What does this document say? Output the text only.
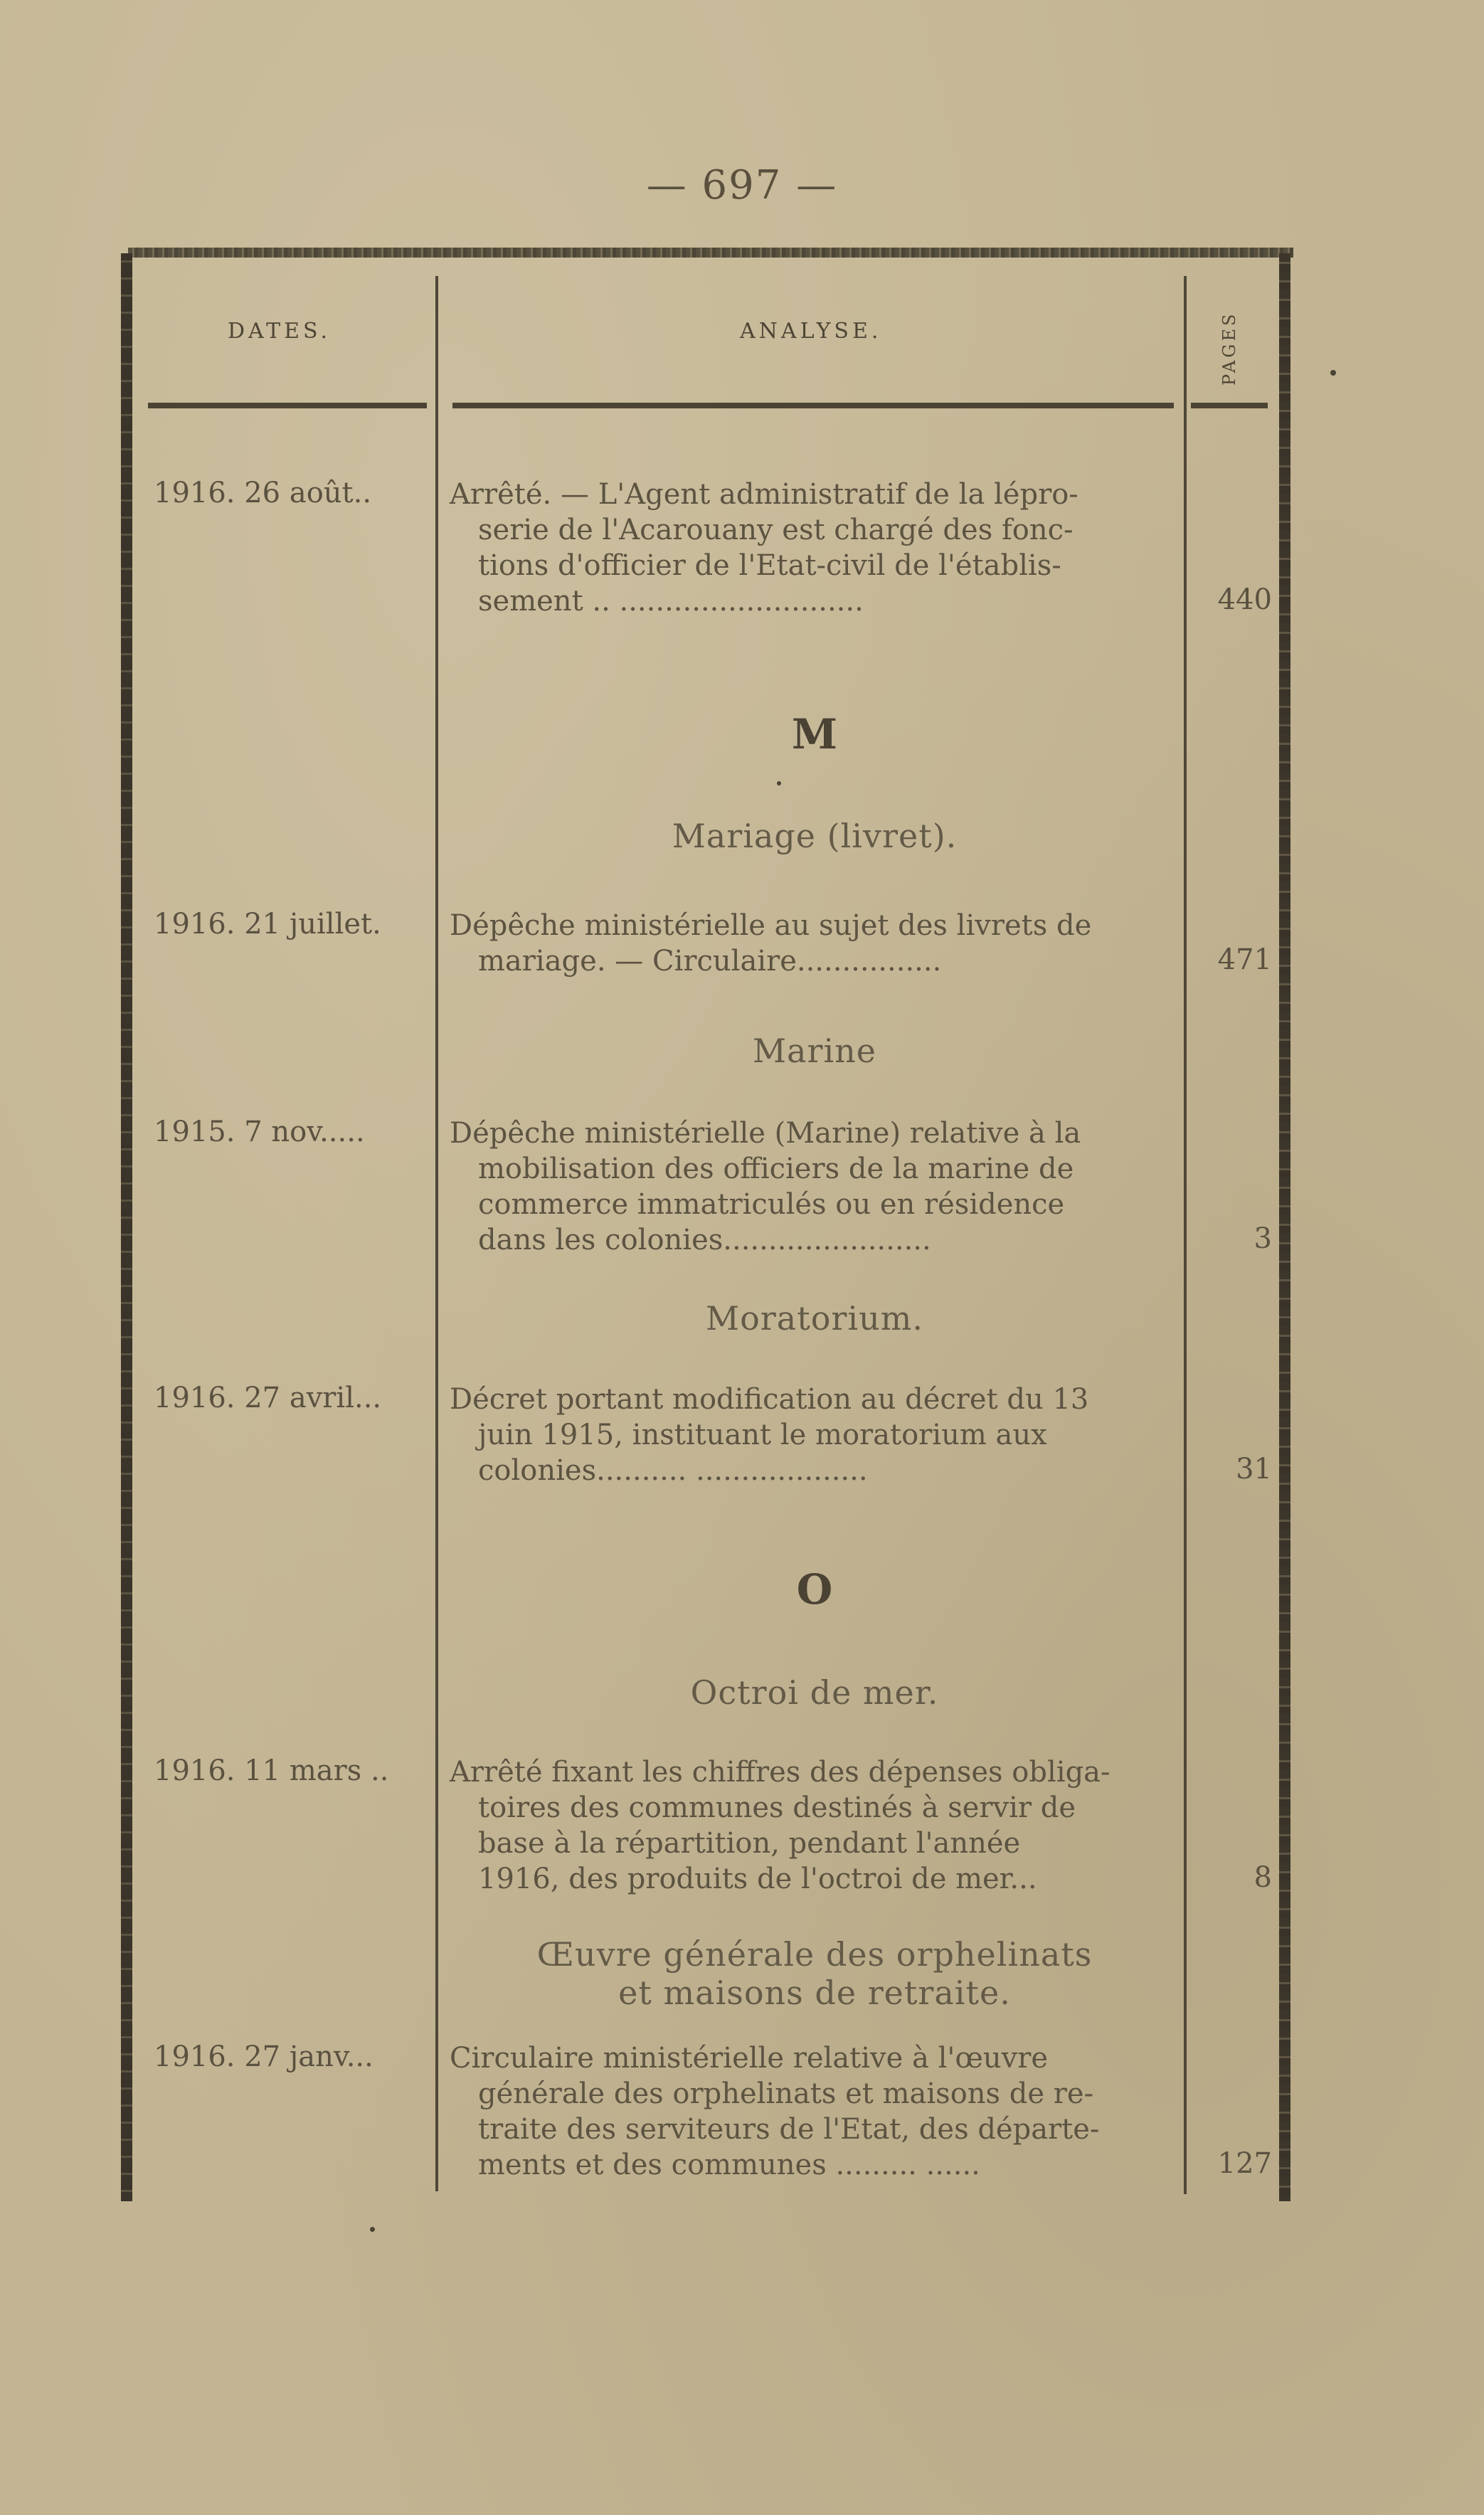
— 697 —
DATES.	ANALYSE.	PAGES
1916. 26 août..	Arrêté. — L'Agent administratif de la lépro-
serie de l'Acarouany est chargé des fonc-
tions d'officier de l'Etat-civil de l'établis-
sement .. ...........................	440
M
Mariage (livret).
1916. 21 juillet.	Dépêche ministérielle au sujet des livrets de
mariage. — Circulaire................	471
Marine
1915. 7 nov.....	Dépêche ministérielle (Marine) relative à la
mobilisation des officiers de la marine de
commerce immatriculés ou en résidence
dans les colonies.......................	3
Moratorium.
1916. 27 avril...	Décret portant modification au décret du 13
juin 1915, instituant le moratorium aux
colonies.......... ...................	31
O
Octroi de mer.
1916. 11 mars ..	Arrêté fixant les chiffres des dépenses obliga-
toires des communes destinés à servir de
base à la répartition, pendant l'année
1916, des produits de l'octroi de mer...	8
Œuvre générale des orphelinats
et maisons de retraite.
1916. 27 janv...	Circulaire ministérielle relative à l'œuvre
générale des orphelinats et maisons de re-
traite des serviteurs de l'Etat, des départe-
ments et des communes ......... ......	127
